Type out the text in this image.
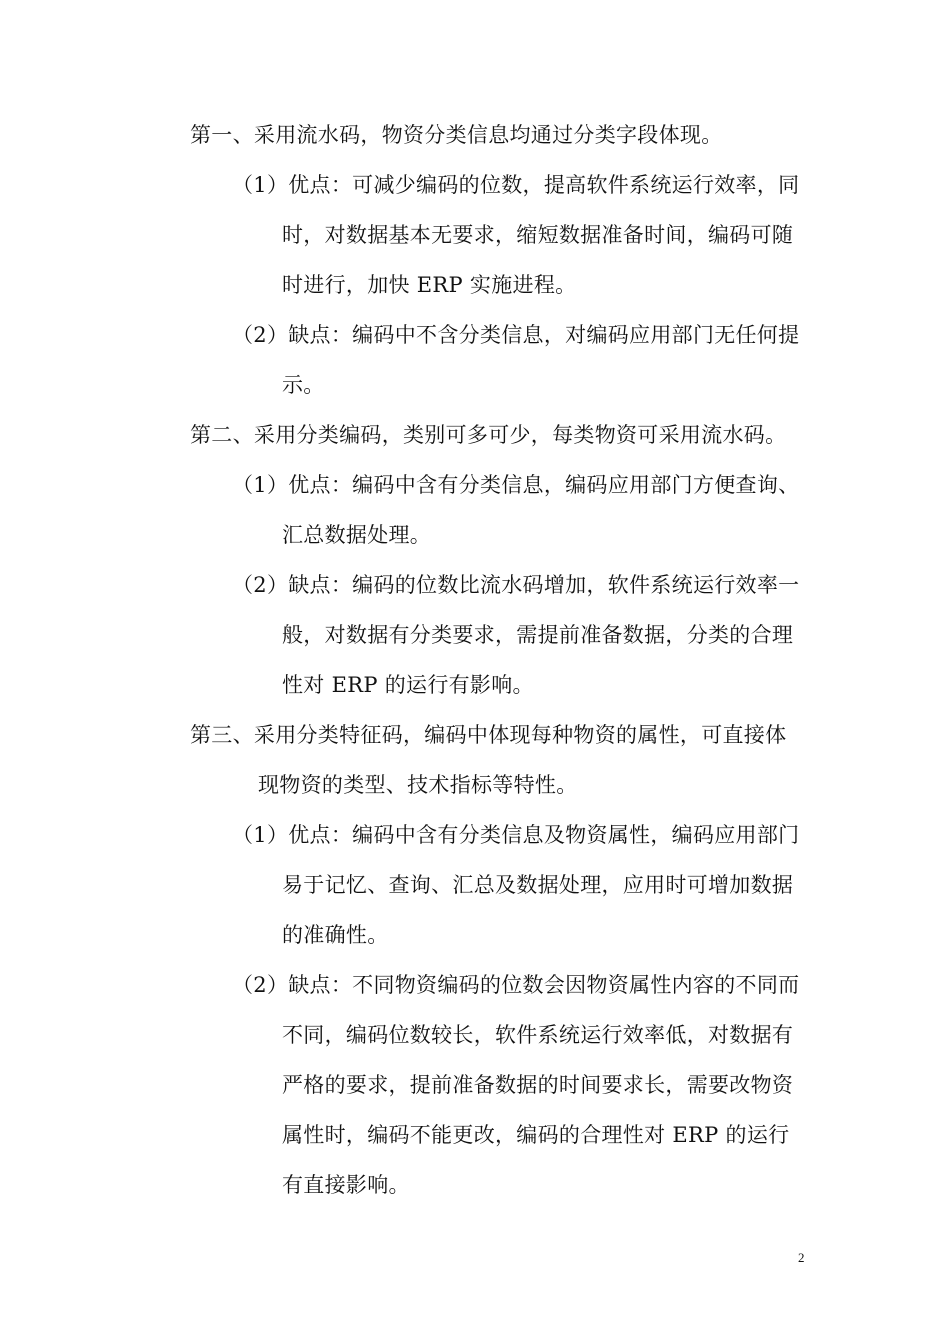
第一、采用流水码，物资分类信息均通过分类字段体现。
（1）优点：可减少编码的位数，提高软件系统运行效率，同
时，对数据基本无要求，缩短数据准备时间，编码可随
时进行，加快 ERP 实施进程。
（2）缺点：编码中不含分类信息，对编码应用部门无任何提
示。
第二、采用分类编码，类别可多可少，每类物资可采用流水码。
（1）优点：编码中含有分类信息，编码应用部门方便查询、
汇总数据处理。
（2）缺点：编码的位数比流水码增加，软件系统运行效率一
般，对数据有分类要求，需提前准备数据，分类的合理
性对 ERP 的运行有影响。
第三、采用分类特征码，编码中体现每种物资的属性，可直接体
现物资的类型、技术指标等特性。
（1）优点：编码中含有分类信息及物资属性，编码应用部门
易于记忆、查询、汇总及数据处理，应用时可增加数据
的准确性。
（2）缺点：不同物资编码的位数会因物资属性内容的不同而
不同，编码位数较长，软件系统运行效率低，对数据有
严格的要求，提前准备数据的时间要求长，需要改物资
属性时，编码不能更改，编码的合理性对 ERP 的运行
有直接影响。
2
